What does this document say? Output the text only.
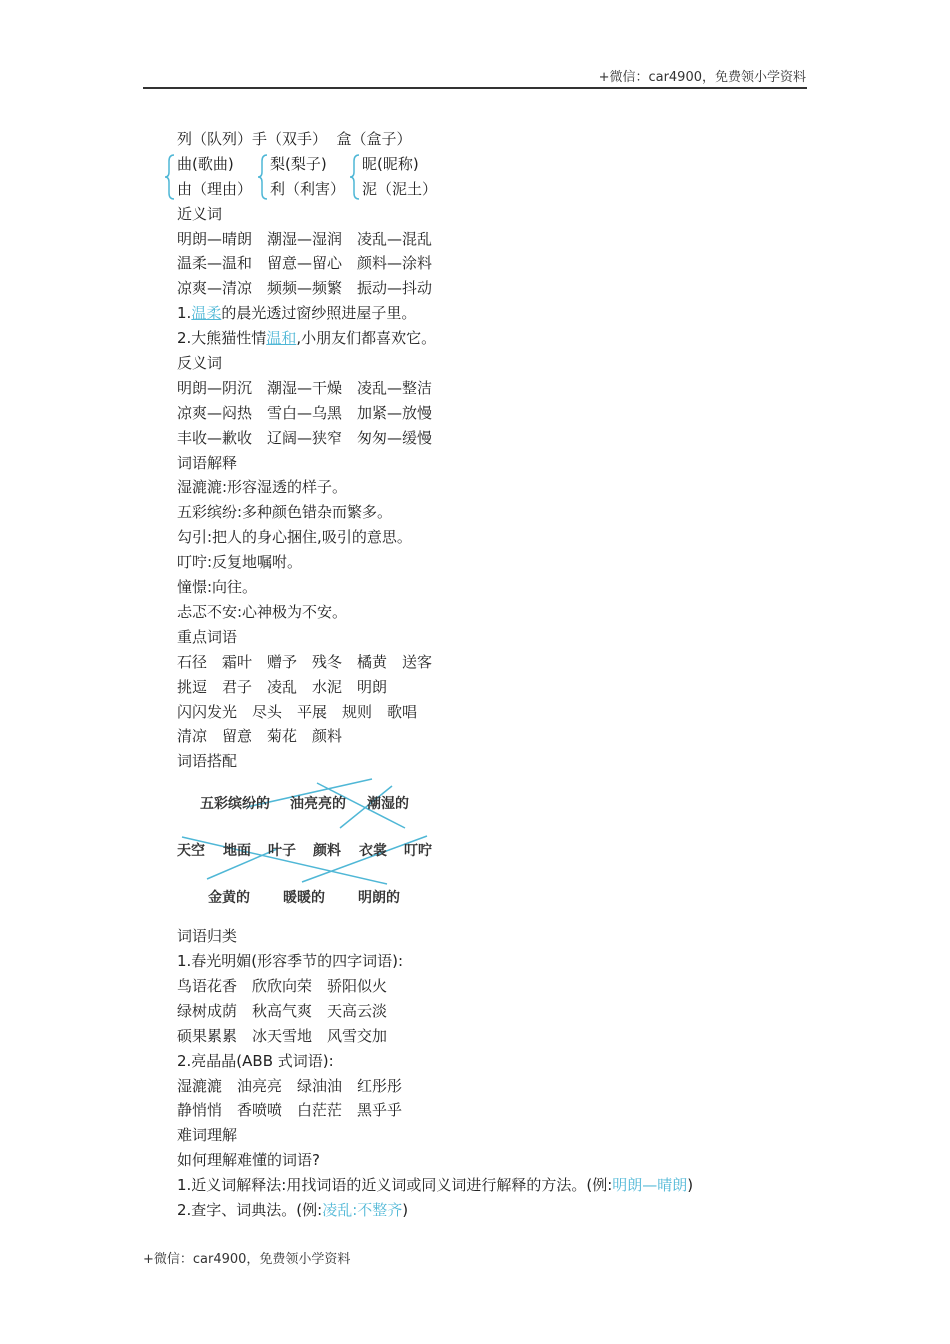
+微信：car4900，免费领小学资料
列（队列）手（双手）  盒（盒子）
曲(歌曲)
由（理由）
梨(梨子)
利（利害）
昵(昵称)
泥（泥土）
近义词
明朗—晴朗　潮湿—湿润　凌乱—混乱
温柔—温和　留意—留心　颜料—涂料
凉爽—清凉　频频—频繁　振动—抖动
1.温柔的晨光透过窗纱照进屋子里。
2.大熊猫性情温和,小朋友们都喜欢它。
反义词
明朗—阴沉　潮湿—干燥　凌乱—整洁
凉爽—闷热　雪白—乌黑　加紧—放慢
丰收—歉收　辽阔—狭窄　匆匆—缓慢
词语解释
湿漉漉:形容湿透的样子。
五彩缤纷:多种颜色错杂而繁多。
勾引:把人的身心捆住,吸引的意思。
叮咛:反复地嘱咐。
憧憬:向往。
忐忑不安:心神极为不安。
重点词语
石径　霜叶　赠予　残冬　橘黄　送客
挑逗　君子　凌乱　水泥　明朗
闪闪发光　尽头　平展　规则　歌唱
清凉　留意　菊花　颜料
词语搭配
五彩缤纷的 油亮亮的 潮湿的
天空 地面 叶子 颜料 衣裳 叮咛
金黄的 暖暖的 明朗的
词语归类
1.春光明媚(形容季节的四字词语):
鸟语花香　欣欣向荣　骄阳似火
绿树成荫　秋高气爽　天高云淡
硕果累累　冰天雪地　风雪交加
2.亮晶晶(ABB 式词语):
湿漉漉　油亮亮　绿油油　红彤彤
静悄悄　香喷喷　白茫茫　黑乎乎
难词理解
如何理解难懂的词语?
1.近义词解释法:用找词语的近义词或同义词进行解释的方法。(例:明朗—晴朗)
2.查字、词典法。(例:凌乱:不整齐)
+微信：car4900，免费领小学资料
